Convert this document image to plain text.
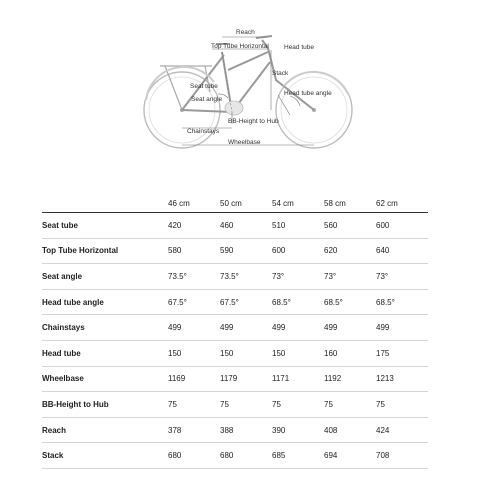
Reach
Top Tube Horizontal Head tube
Stack
Seat tube
Seat angle
Head tube angle
BB-Height to Hub
Chainstays
Wheelbase
	46 cm	50 cm	54 cm	58 cm	62 cm
Seat tube	420	460	510	560	600
Top Tube Horizontal	580	590	600	620	640
Seat angle	73.5°	73.5°	73°	73°	73°
Head tube angle	67.5°	67.5°	68.5°	68.5°	68.5°
Chainstays	499	499	499	499	499
Head tube	150	150	150	160	175
Wheelbase	1169	1179	1171	1192	1213
BB-Height to Hub	75	75	75	75	75
Reach	378	388	390	408	424
Stack	680	680	685	694	708
